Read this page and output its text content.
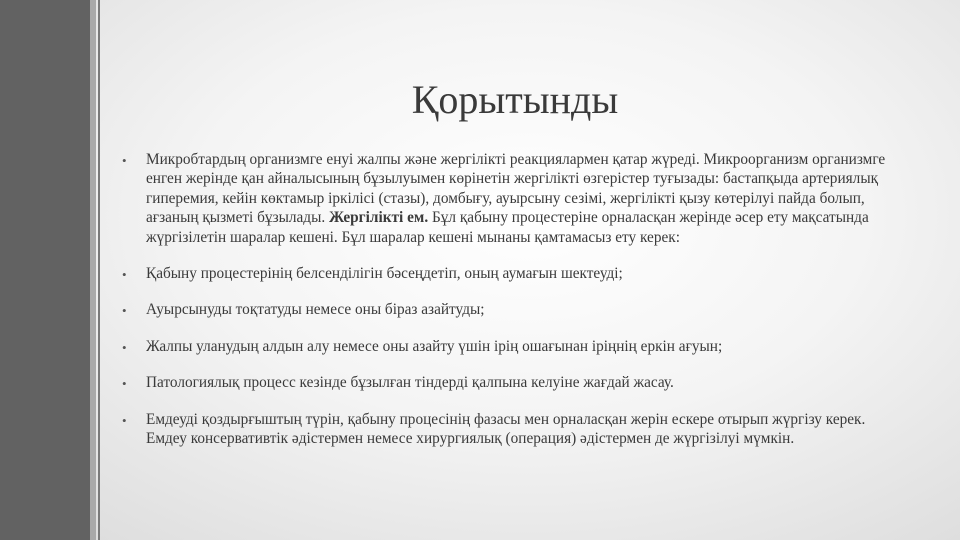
Қорытынды
• Микробтардың организмге енуі жалпы және жергілікті реакциялармен қатар жүреді. Микроорганизм организмге енген жерінде қан айналысының бұзылуымен көрінетін жергілікті өзгерістер туғызады: бастапқыда артериялық гиперемия, кейін көктамыр іркілісі (стазы), домбығу, ауырсыну сезімі, жергілікті қызу көтерілуі пайда болып, ағзаның қызметі бұзылады. Жергілікті ем. Бұл қабыну процестеріне орналасқан жерінде әсер ету мақсатында жүргізілетін шаралар кешені. Бұл шаралар кешені мынаны қамтамасыз ету керек:
• Қабыну процестерінің белсенділігін бәсеңдетіп, оның аумағын шектеуді;
• Ауырсынуды тоқтатуды немесе оны біраз азайтуды;
• Жалпы уланудың алдын алу немесе оны азайту үшін ірің ошағынан іріңнің еркін ағуын;
• Патологиялық процесс кезінде бұзылған тіндерді қалпына келуіне жағдай жасау.
• Емдеуді қоздырғыштың түрін, қабыну процесінің фазасы мен орналасқан жерін ескере отырып жүргізу керек. Емдеу консервативтік әдістермен немесе хирургиялық (операция) әдістермен де жүргізілуі мүмкін.
